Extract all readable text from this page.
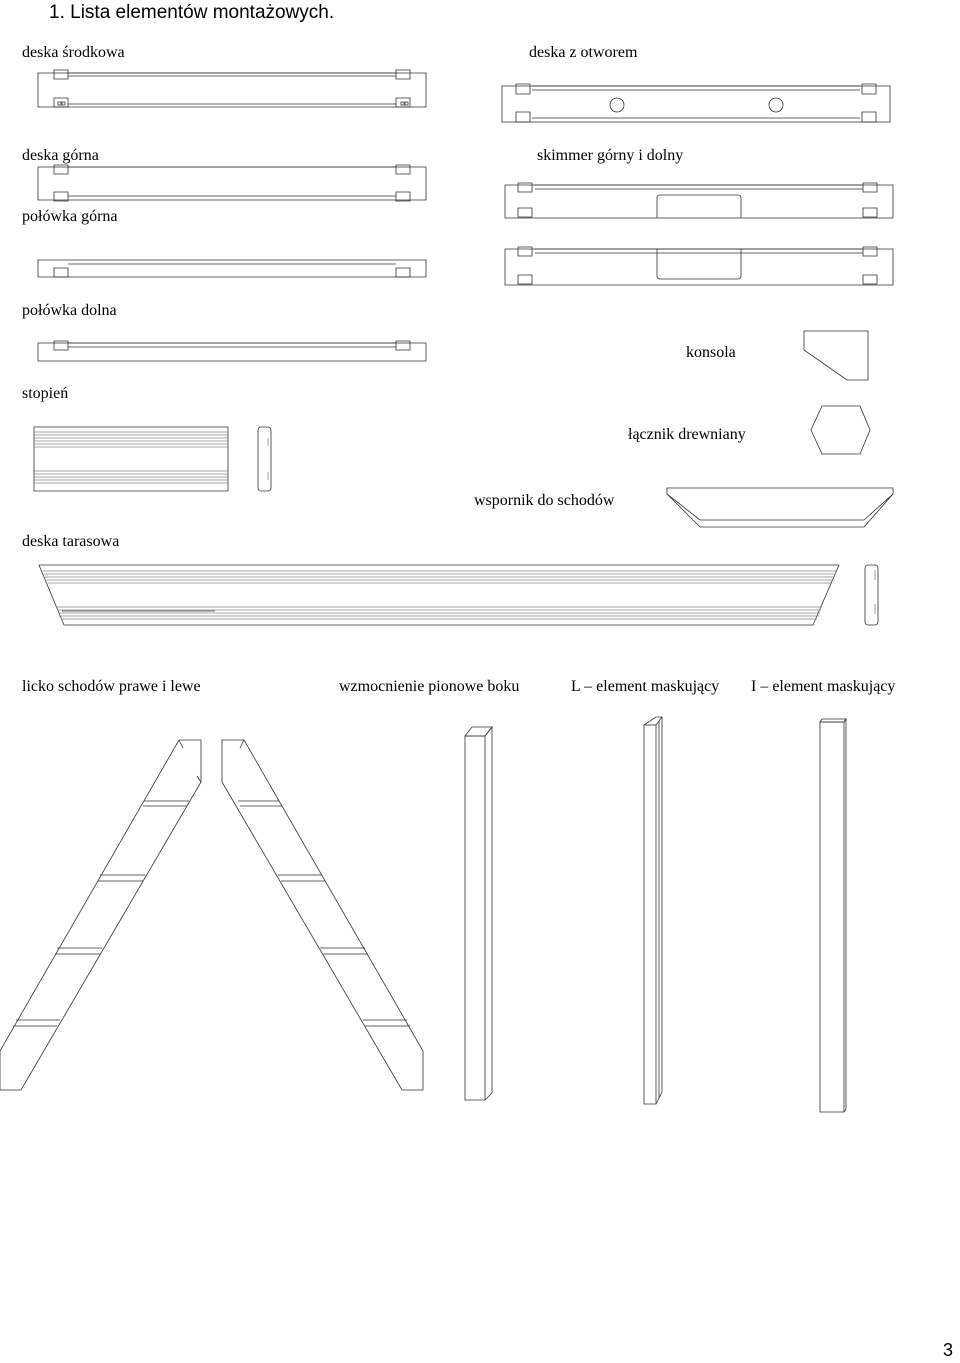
1. Lista elementów montażowych.
deska środkowa	deska z otworem
deska górna	skimmer górny i dolny
połówka górna
połówka dolna
konsola
stopień
łącznik drewniany
wspornik do schodów
deska tarasowa
licko schodów prawe i lewe	wzmocnienie pionowe boku	L – element maskujący I – element maskujący
3
